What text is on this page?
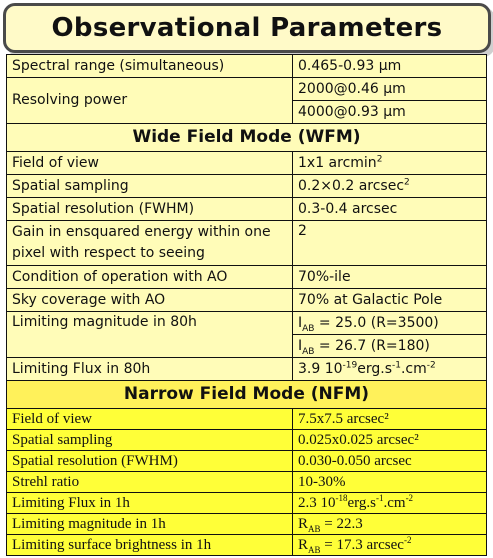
Observational Parameters
Spectral range (simultaneous)	0.465-0.93 μm
Resolving power	2000@0.46 μm
	4000@0.93 μm
Wide Field Mode (WFM)	
Field of view	1x1 arcmin$^2$
Spatial sampling	0.2×0.2 arcsec$^2$
Spatial resolution (FWHM)	0.3-0.4 arcsec
Gain in ensquared energy within one pixel with respect to seeing	2
Condition of operation with AO	70%-ile
Sky coverage with AO	70% at Galactic Pole
Limiting magnitude in 80h	$I_{AB} = 25.0$ (R=3500)
	$I_{AB} = 26.7$ (R=180)
Limiting Flux in 80h	3.9 $10^{-19}erg.s^{-1}.cm^{-2}$
Narrow Field Mode (NFM)	
Field of view	7.5x7.5 arcsec²
Spatial sampling	0.025x0.025 arcsec²
Spatial resolution (FWHM)	0.030-0.050 arcsec
Strehl ratio	10-30%
Limiting Flux in 1h	2.3 $10^{-18}erg.s^{-1}.cm^{-2}$
Limiting magnitude in 1h	$R_{AB} = 22.3$
Limiting surface brightness in 1h	$R_{AB} = 17.3$ arcsec$^{-2}$
